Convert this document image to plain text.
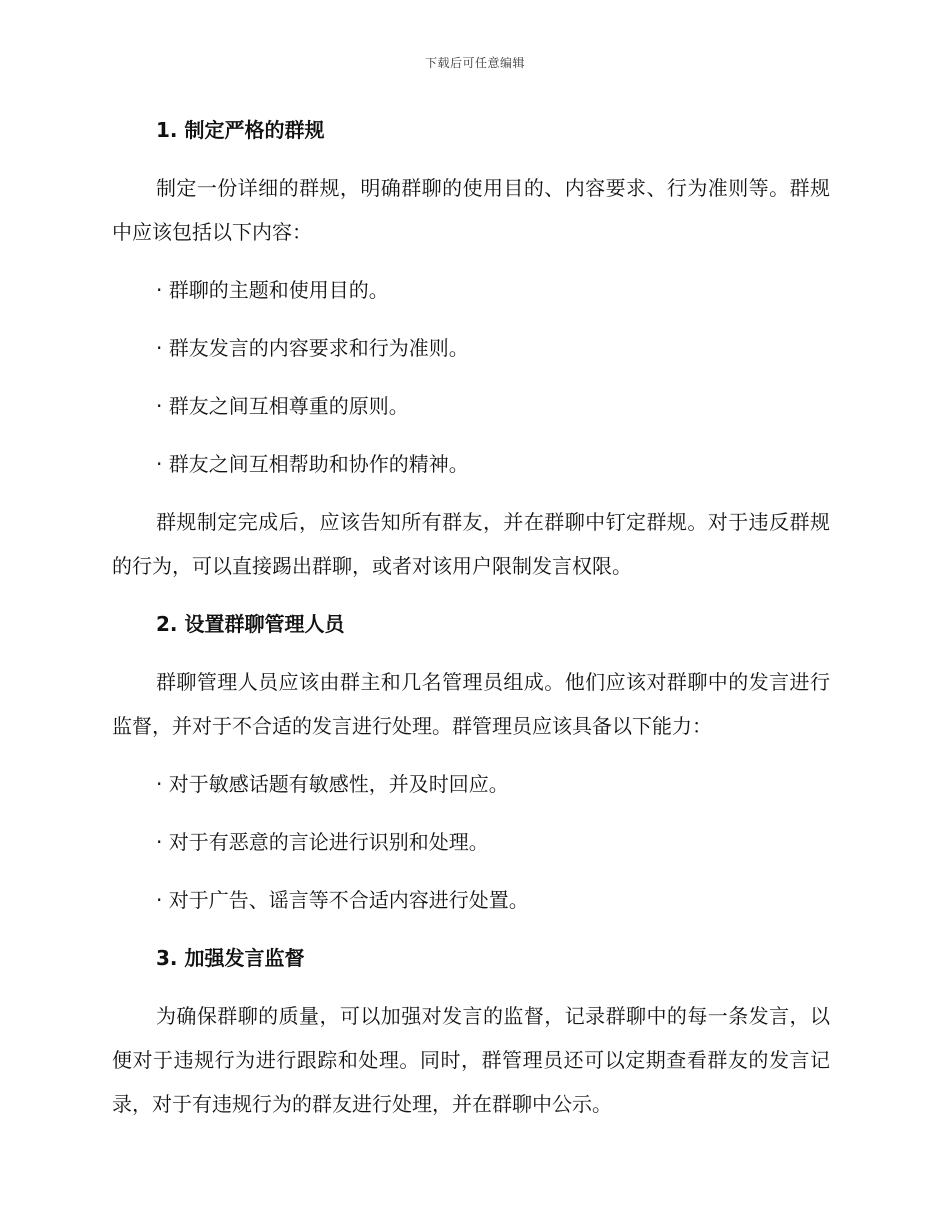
下载后可任意编辑
1. 制定严格的群规
制定一份详细的群规，明确群聊的使用目的、内容要求、行为准则等。群规中应该包括以下内容：
· 群聊的主题和使用目的。
· 群友发言的内容要求和行为准则。
· 群友之间互相尊重的原则。
· 群友之间互相帮助和协作的精神。
群规制定完成后，应该告知所有群友，并在群聊中钉定群规。对于违反群规的行为，可以直接踢出群聊，或者对该用户限制发言权限。
2. 设置群聊管理人员
群聊管理人员应该由群主和几名管理员组成。他们应该对群聊中的发言进行监督，并对于不合适的发言进行处理。群管理员应该具备以下能力：
· 对于敏感话题有敏感性，并及时回应。
· 对于有恶意的言论进行识别和处理。
· 对于广告、谣言等不合适内容进行处置。
3. 加强发言监督
为确保群聊的质量，可以加强对发言的监督，记录群聊中的每一条发言，以便对于违规行为进行跟踪和处理。同时，群管理员还可以定期查看群友的发言记录，对于有违规行为的群友进行处理，并在群聊中公示。
